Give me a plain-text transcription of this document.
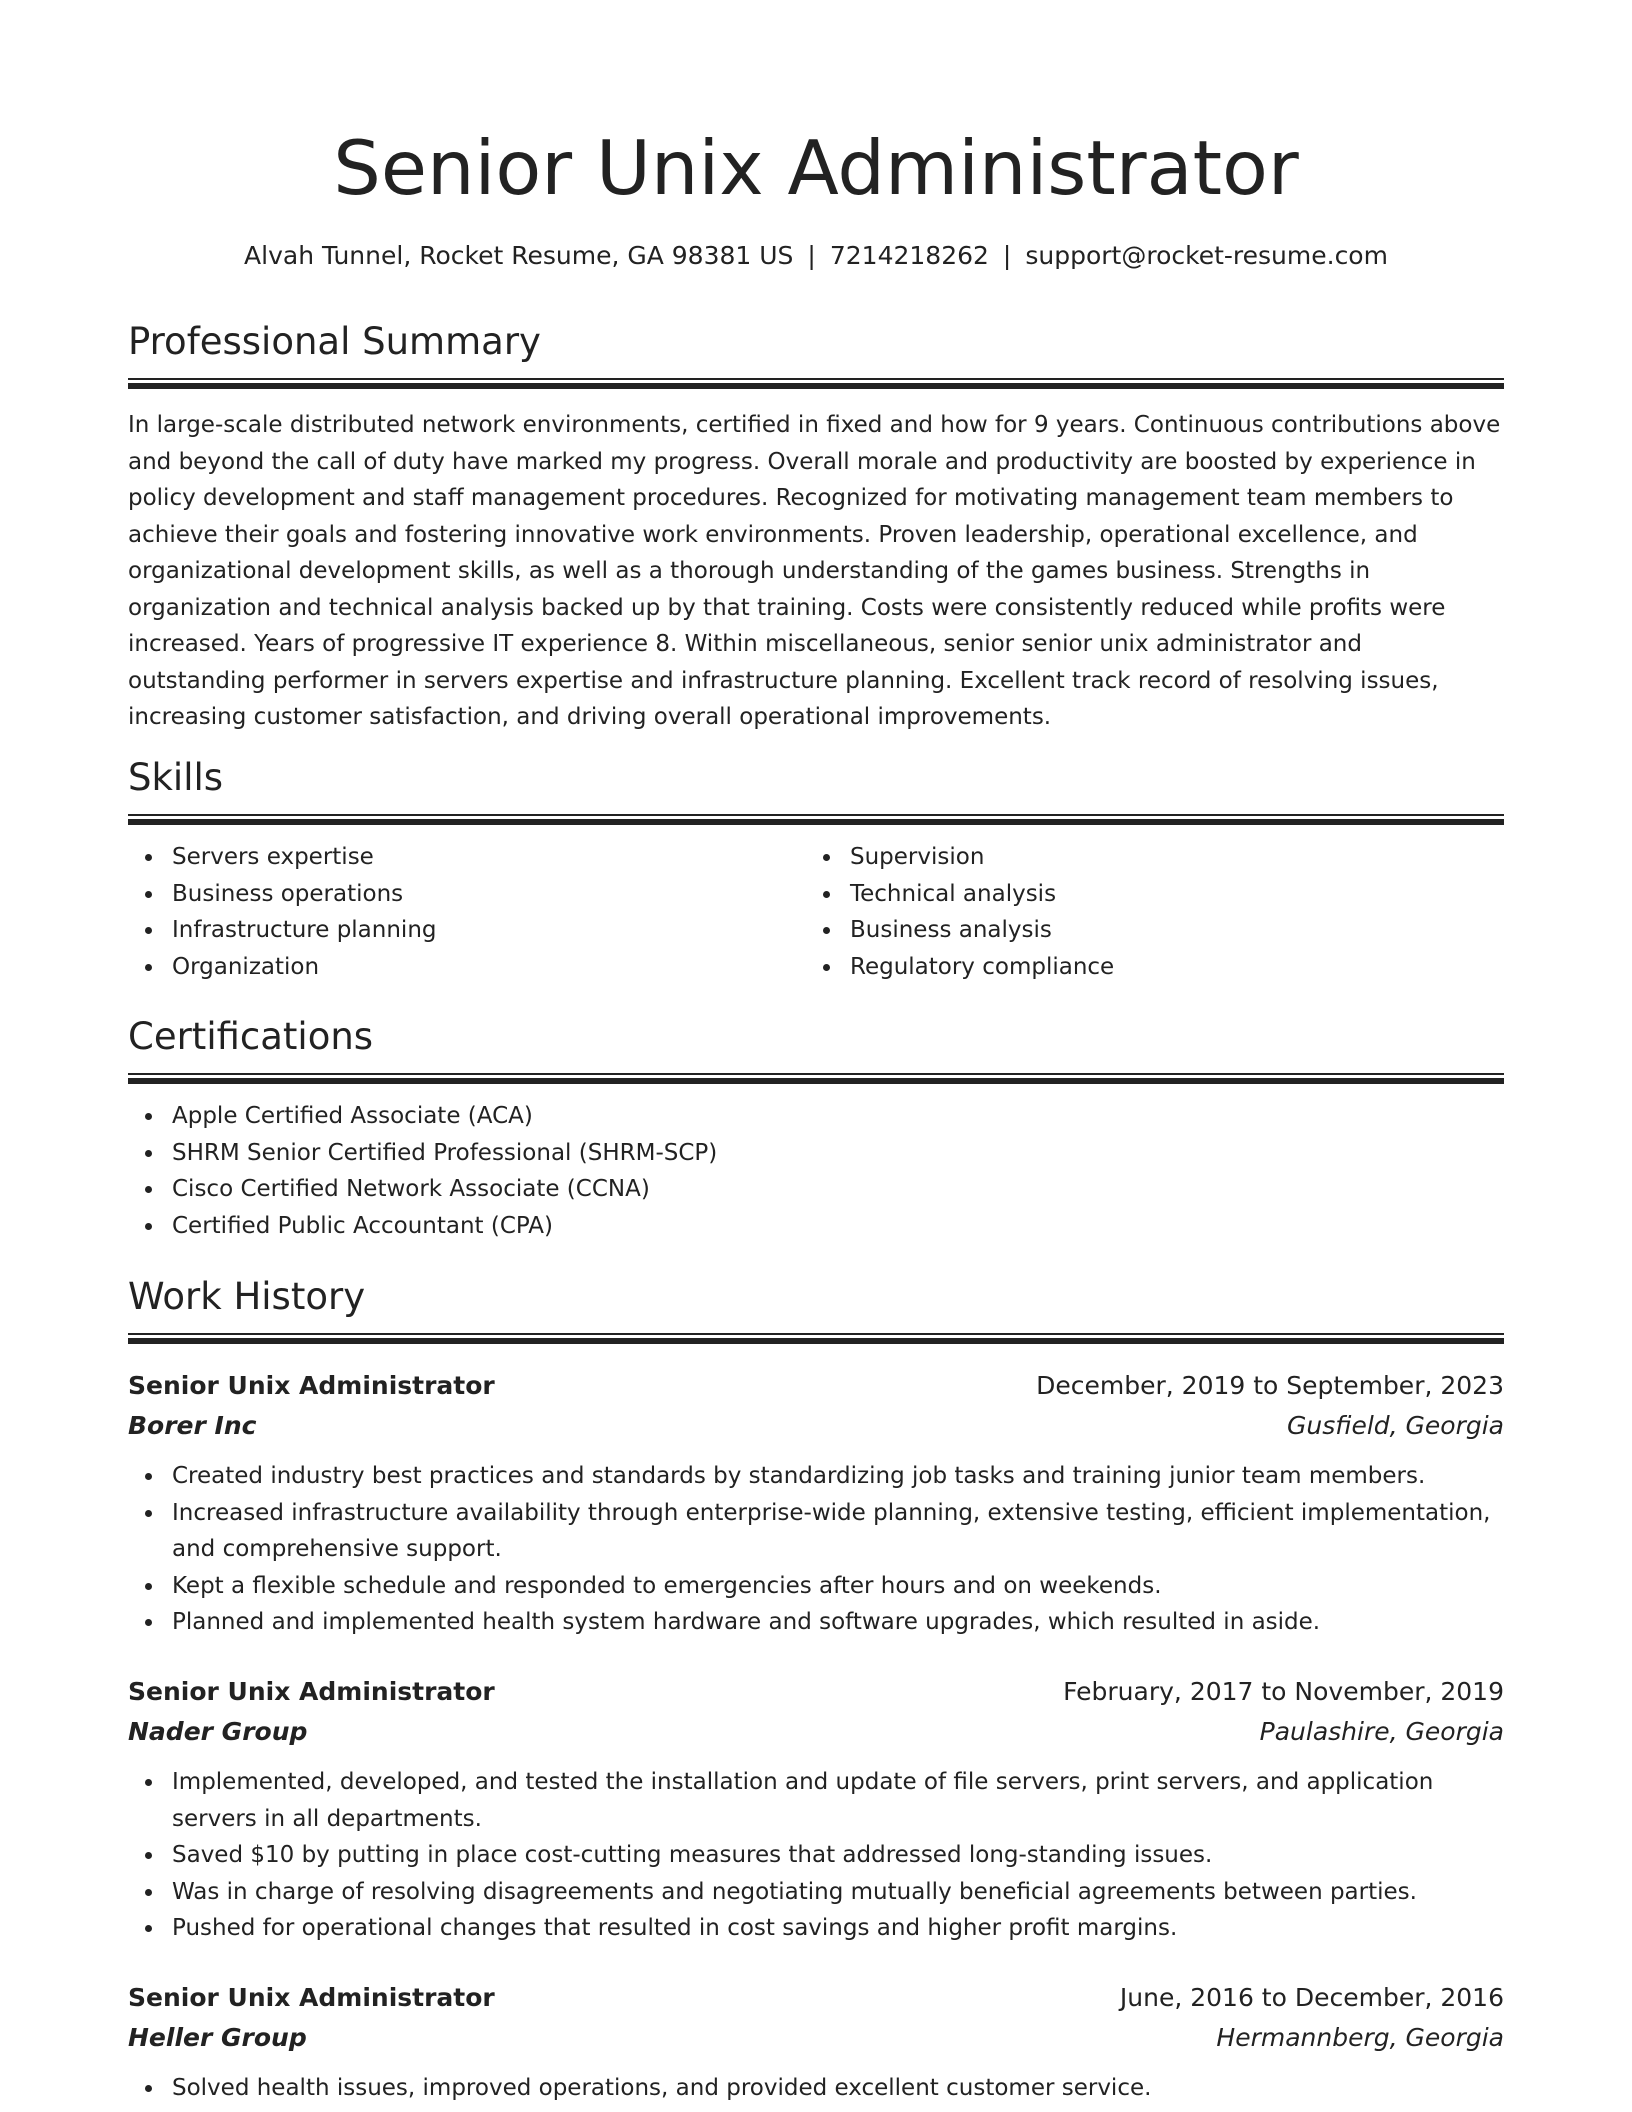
Senior Unix Administrator
Alvah Tunnel, Rocket Resume, GA 98381 US | 7214218262 | support@rocket-resume.com
Professional Summary
In large-scale distributed network environments, certified in fixed and how for 9 years. Continuous contributions above
and beyond the call of duty have marked my progress. Overall morale and productivity are boosted by experience in
policy development and staff management procedures. Recognized for motivating management team members to
achieve their goals and fostering innovative work environments. Proven leadership, operational excellence, and
organizational development skills, as well as a thorough understanding of the games business. Strengths in
organization and technical analysis backed up by that training. Costs were consistently reduced while profits were
increased. Years of progressive IT experience 8. Within miscellaneous, senior senior unix administrator and
outstanding performer in servers expertise and infrastructure planning. Excellent track record of resolving issues,
increasing customer satisfaction, and driving overall operational improvements.
Skills
Servers expertise
Business operations
Infrastructure planning
Organization
Supervision
Technical analysis
Business analysis
Regulatory compliance
Certifications
Apple Certified Associate (ACA)
SHRM Senior Certified Professional (SHRM-SCP)
Cisco Certified Network Associate (CCNA)
Certified Public Accountant (CPA)
Work History
Senior Unix Administrator	December, 2019 to September, 2023
Borer Inc	Gusfield, Georgia
Created industry best practices and standards by standardizing job tasks and training junior team members.
Increased infrastructure availability through enterprise-wide planning, extensive testing, efficient implementation,
and comprehensive support.
Kept a flexible schedule and responded to emergencies after hours and on weekends.
Planned and implemented health system hardware and software upgrades, which resulted in aside.
Senior Unix Administrator	February, 2017 to November, 2019
Nader Group	Paulashire, Georgia
Implemented, developed, and tested the installation and update of file servers, print servers, and application
servers in all departments.
Saved $10 by putting in place cost-cutting measures that addressed long-standing issues.
Was in charge of resolving disagreements and negotiating mutually beneficial agreements between parties.
Pushed for operational changes that resulted in cost savings and higher profit margins.
Senior Unix Administrator	June, 2016 to December, 2016
Heller Group	Hermannberg, Georgia
Solved health issues, improved operations, and provided excellent customer service.
